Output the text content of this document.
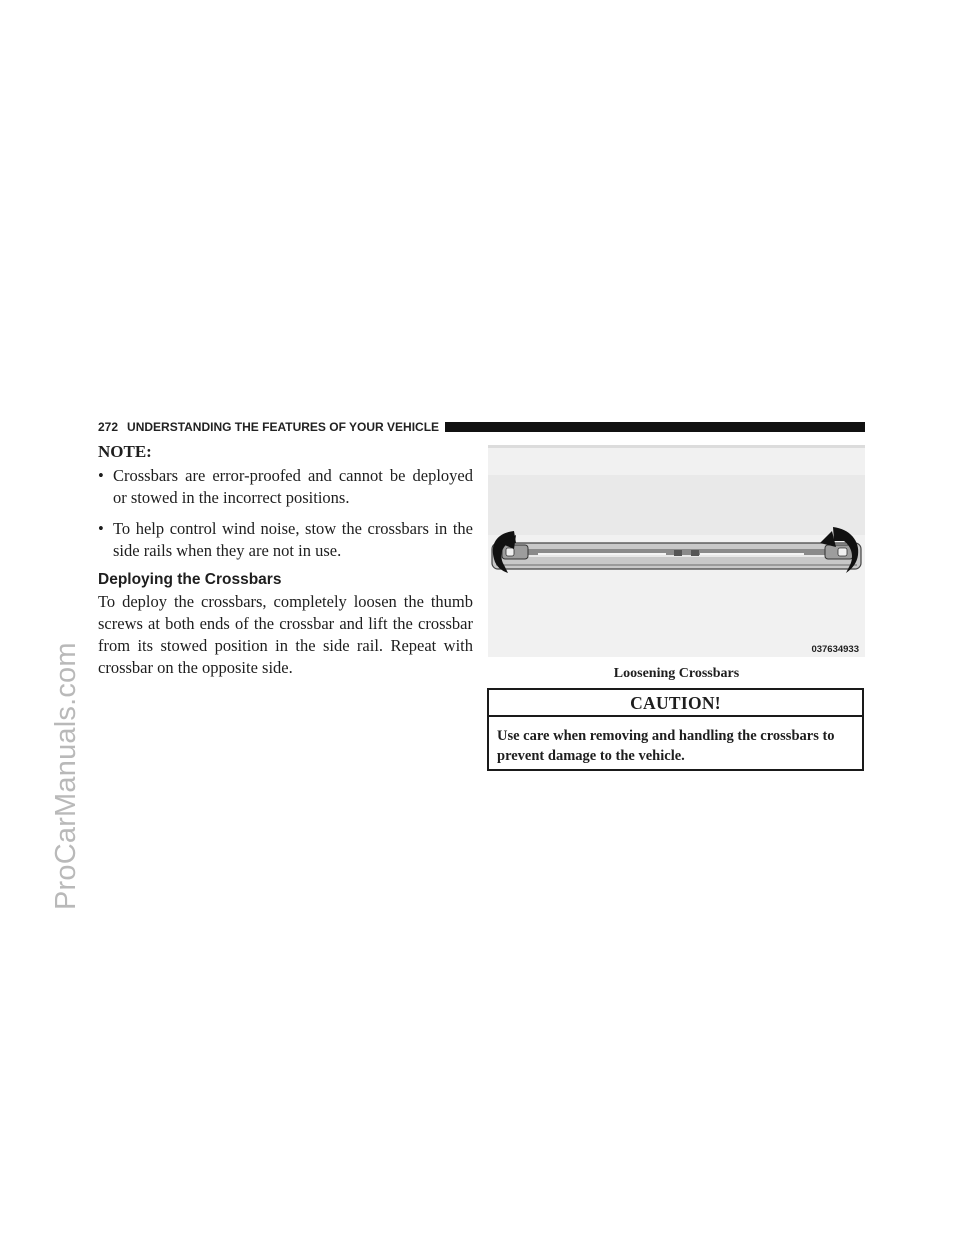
ProCarManuals.com
272 UNDERSTANDING THE FEATURES OF YOUR VEHICLE
NOTE:
• Crossbars are error-proofed and cannot be deployed or stowed in the incorrect positions.
• To help control wind noise, stow the crossbars in the side rails when they are not in use.
Deploying the Crossbars

To deploy the crossbars, completely loosen the thumb screws at both ends of the crossbar and lift the crossbar from its stowed position in the side rail. Repeat with crossbar on the opposite side.

037634933
Loosening Crossbars
CAUTION!
Use care when removing and handling the crossbars to prevent damage to the vehicle.
